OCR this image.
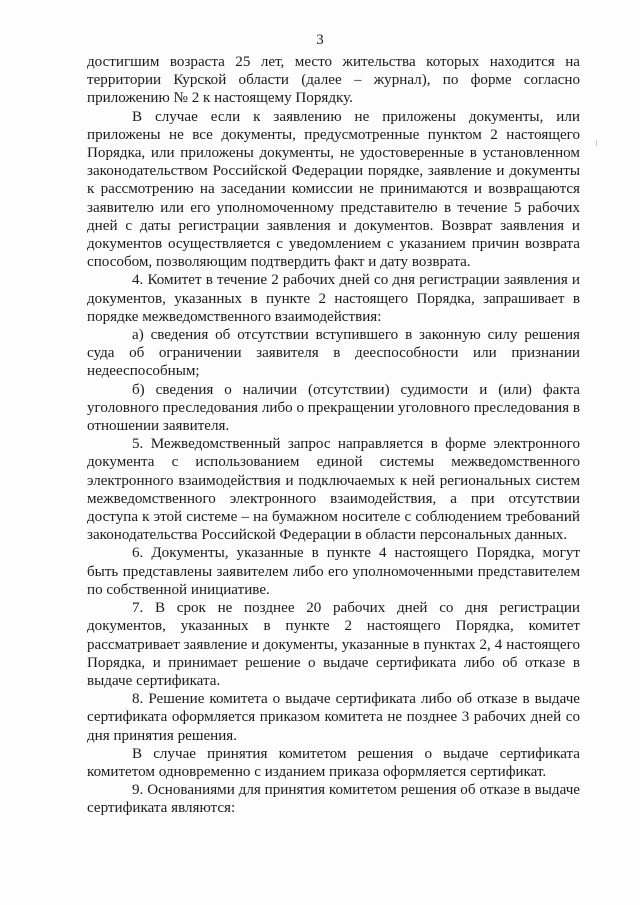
3

достигшим возраста 25 лет, место жительства которых находится на территории Курской области (далее – журнал), по форме согласно приложению № 2 к настоящему Порядку.

В случае если к заявлению не приложены документы, или приложены не все документы, предусмотренные пунктом 2 настоящего Порядка, или приложены документы, не удостоверенные в установленном законодательством Российской Федерации порядке, заявление и документы к рассмотрению на заседании комиссии не принимаются и возвращаются заявителю или его уполномоченному представителю в течение 5 рабочих дней с даты регистрации заявления и документов. Возврат заявления и документов осуществляется с уведомлением с указанием причин возврата способом, позволяющим подтвердить факт и дату возврата.

4. Комитет в течение 2 рабочих дней со дня регистрации заявления и документов, указанных в пункте 2 настоящего Порядка, запрашивает в порядке межведомственного взаимодействия:

а) сведения об отсутствии вступившего в законную силу решения суда об ограничении заявителя в дееспособности или признании недееспособным;

б) сведения о наличии (отсутствии) судимости и (или) факта уголовного преследования либо о прекращении уголовного преследования в отношении заявителя.

5. Межведомственный запрос направляется в форме электронного документа с использованием единой системы межведомственного электронного взаимодействия и подключаемых к ней региональных систем межведомственного электронного взаимодействия, а при отсутствии доступа к этой системе – на бумажном носителе с соблюдением требований законодательства Российской Федерации в области персональных данных.

6. Документы, указанные в пункте 4 настоящего Порядка, могут быть представлены заявителем либо его уполномоченными представителем по собственной инициативе.

7. В срок не позднее 20 рабочих дней со дня регистрации документов, указанных в пункте 2 настоящего Порядка, комитет рассматривает заявление и документы, указанные в пунктах 2, 4 настоящего Порядка, и принимает решение о выдаче сертификата либо об отказе в выдаче сертификата.

8. Решение комитета о выдаче сертификата либо об отказе в выдаче сертификата оформляется приказом комитета не позднее 3 рабочих дней со дня принятия решения.

В случае принятия комитетом решения о выдаче сертификата комитетом одновременно с изданием приказа оформляется сертификат.

9. Основаниями для принятия комитетом решения об отказе в выдаче сертификата являются:
